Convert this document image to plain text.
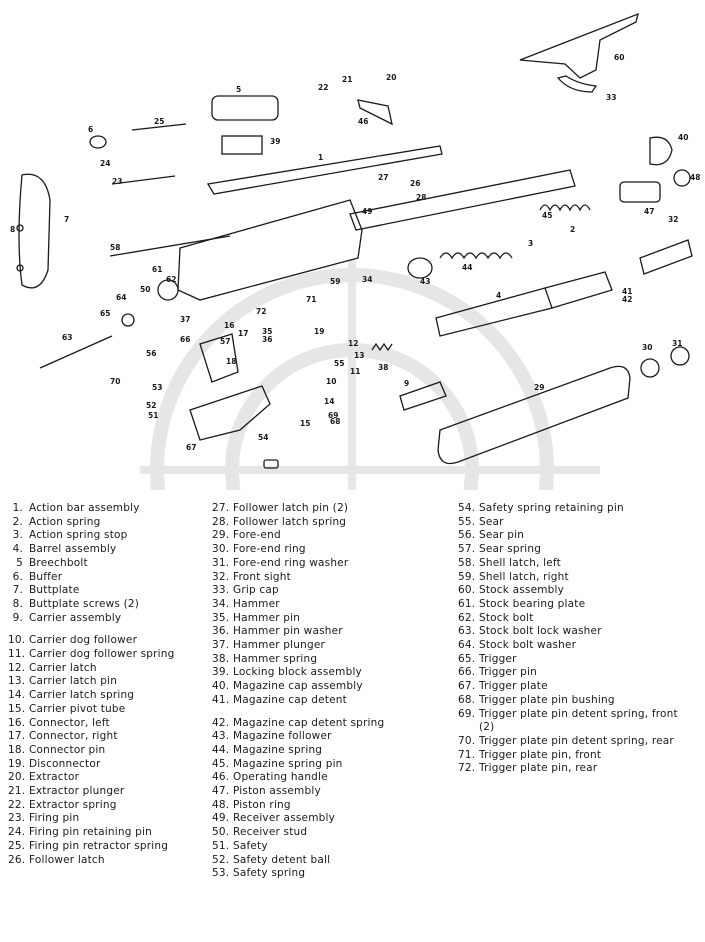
1
2
3
4
5
6
7
8
9
10
11
12
13
14
15
16
17
18
19
20
21
22
23
24
25
26
27
28
29
30	31
32
33
34
35
36
37
38
39	40
41
42
43
44
45
46
47
48
49
50
51
52
53
54
55
56
57
58
59
60
61
62
63
64
65
66
67
68
69
70
71
72
1. Action bar assembly
2. Action spring
3. Action spring stop
4. Barrel assembly
5 Breechbolt
6. Buffer
7. Buttplate
8. Buttplate screws (2)
9. Carrier assembly
10. Carrier dog follower
11. Carrier dog follower spring
12. Carrier latch
13. Carrier latch pin
14. Carrier latch spring
15. Carrier pivot tube
16. Connector, left
17. Connector, right
18. Connector pin
19. Disconnector
20. Extractor
21. Extractor plunger
22. Extractor spring
23. Firing pin
24. Firing pin retaining pin
25. Firing pin retractor spring
26. Follower latch
27. Follower latch pin (2)
28. Follower latch spring
29. Fore-end
30. Fore-end ring
31. Fore-end ring washer
32. Front sight
33. Grip cap
34. Hammer
35. Hammer pin
36. Hammer pin washer
37. Hammer plunger
38. Hammer spring
39. Locking block assembly
40. Magazine cap assembly
41. Magazine cap detent
42. Magazine cap detent spring
43. Magazine follower
44. Magazine spring
45. Magazine spring pin
46. Operating handle
47. Piston assembly
48. Piston ring
49. Receiver assembly
50. Receiver stud
51. Safety
52. Safety detent ball
53. Safety spring
54. Safety spring retaining pin
55. Sear
56. Sear pin
57. Sear spring
58. Shell latch, left
59. Shell latch, right
60. Stock assembly
61. Stock bearing plate
62. Stock bolt
63. Stock bolt lock washer
64. Stock bolt washer
65. Trigger
66. Trigger pin
67. Trigger plate
68. Trigger plate pin bushing
69. Trigger plate pin detent spring, front
(2)
70. Trigger plate pin detent spring, rear
71. Trigger plate pin, front
72. Trigger plate pin, rear
